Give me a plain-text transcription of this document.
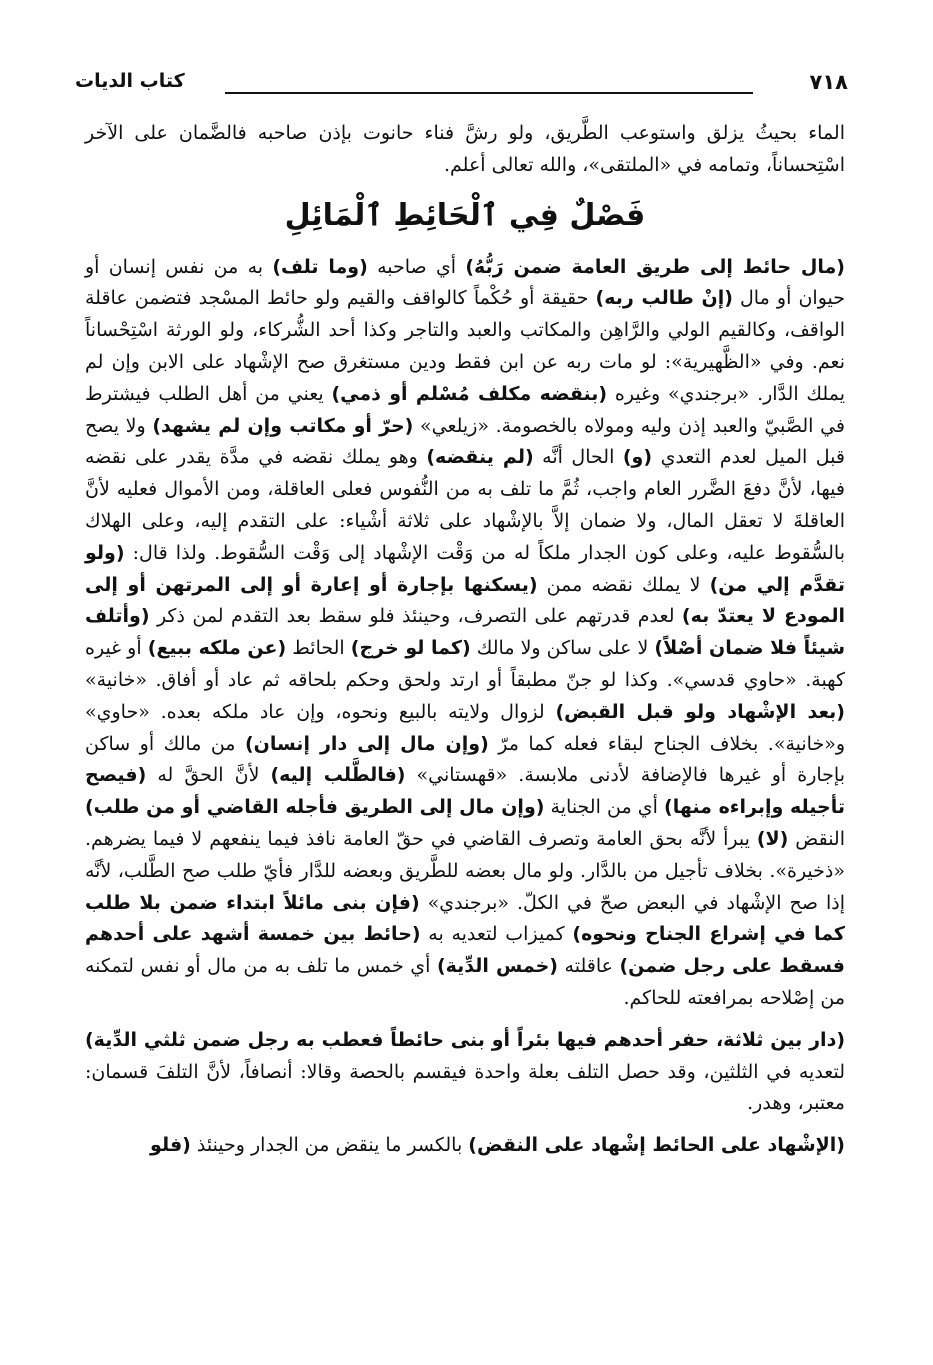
٧١٨
كتاب الديات

الماء بحيثُ يزلق واستوعب الطَّريق، ولو رشَّ فناء حانوت بإذن صاحبه فالضَّمان على الآخر اسْتِحساناً، وتمامه في «الملتقى»، والله تعالى أعلم.

فَصْلٌ فِي ٱلْحَائِطِ ٱلْمَائِلِ

(مال حائط إلى طريق العامة ضمن رَبُّهُ) أي صاحبه (وما تلف) به من نفس إنسان أو حيوان أو مال (إنْ طالب ربه) حقيقة أو حُكْماً كالواقف والقيم ولو حائط المسْجد فتضمن عاقلة الواقف، وكالقيم الولي والرَّاهِن والمكاتب والعبد والتاجر وكذا أحد الشُّركاء، ولو الورثة اسْتِحْساناً نعم. وفي «الظَّهيرية»: لو مات ربه عن ابن فقط ودين مستغرق صح الإشْهاد على الابن وإن لم يملك الدَّار. «برجندي» وغيره (بنقضه مكلف مُسْلم أو ذمي) يعني من أهل الطلب فيشترط في الصَّبيّ والعبد إذن وليه ومولاه بالخصومة. «زيلعي» (حرّ أو مكاتب وإن لم يشهد) ولا يصح قبل الميل لعدم التعدي (و) الحال أنَّه (لم ينقضه) وهو يملك نقضه في مدَّة يقدر على نقضه فيها، لأنَّ دفعَ الضَّرر العام واجب، ثُمَّ ما تلف به من النُّفوس فعلى العاقلة، ومن الأموال فعليه لأنَّ العاقلةَ لا تعقل المال، ولا ضمان إلاَّ بالإشْهاد على ثلاثة أشْياء: على التقدم إليه، وعلى الهلاك بالسُّقوط عليه، وعلى كون الجدار ملكاً له من وَقْت الإشْهاد إلى وَقْت السُّقوط. ولذا قال: (ولو تقدَّم إلي من) لا يملك نقضه ممن (يسكنها بإجارة أو إعارة أو إلى المرتهن أو إلى المودع لا يعتدّ به) لعدم قدرتهم على التصرف، وحينئذ فلو سقط بعد التقدم لمن ذكر (وأتلف شيئاً فلا ضمان أصْلاً) لا على ساكن ولا مالك (كما لو خرج) الحائط (عن ملكه ببيع) أو غيره كهبة. «حاوي قدسي». وكذا لو جنّ مطبقاً أو ارتد ولحق وحكم بلحاقه ثم عاد أو أفاق. «خانية» (بعد الإشْهاد ولو قبل القبض) لزوال ولايته بالبيع ونحوه، وإن عاد ملكه بعده. «حاوي» و«خانية». بخلاف الجناح لبقاء فعله كما مرّ (وإن مال إلى دار إنسان) من مالك أو ساكن بإجارة أو غيرها فالإضافة لأدنى ملابسة. «قهستاني» (فالطَّلب إليه) لأنَّ الحقَّ له (فيصح تأجيله وإبراءه منها) أي من الجناية (وإن مال إلى الطريق فأجله القاضي أو من طلب) النقض (لا) يبرأ لأنَّه بحق العامة وتصرف القاضي في حقّ العامة نافذ فيما ينفعهم لا فيما يضرهم. «ذخيرة». بخلاف تأجيل من بالدَّار. ولو مال بعضه للطَّريق وبعضه للدَّار فأيّ طلب صح الطَّلب، لأنَّه إذا صح الإشْهاد في البعض صحّ في الكلّ. «برجندي» (فإن بنى مائلاً ابتداء ضمن بلا طلب كما في إشراع الجناح ونحوه) كميزاب لتعديه به (حائط بين خمسة أشهد على أحدهم فسقط على رجل ضمن) عاقلته (خمس الدِّية) أي خمس ما تلف به من مال أو نفس لتمكنه من إصْلاحه بمرافعته للحاكم.

(دار بين ثلاثة، حفر أحدهم فيها بئراً أو بنى حائطاً فعطب به رجل ضمن ثلثي الدِّية) لتعديه في الثلثين، وقد حصل التلف بعلة واحدة فيقسم بالحصة وقالا: أنصافاً، لأنَّ التلفَ قسمان: معتبر، وهدر.

(الإشْهاد على الحائط إشْهاد على النقض) بالكسر ما ينقض من الجدار وحينئذ (فلو
